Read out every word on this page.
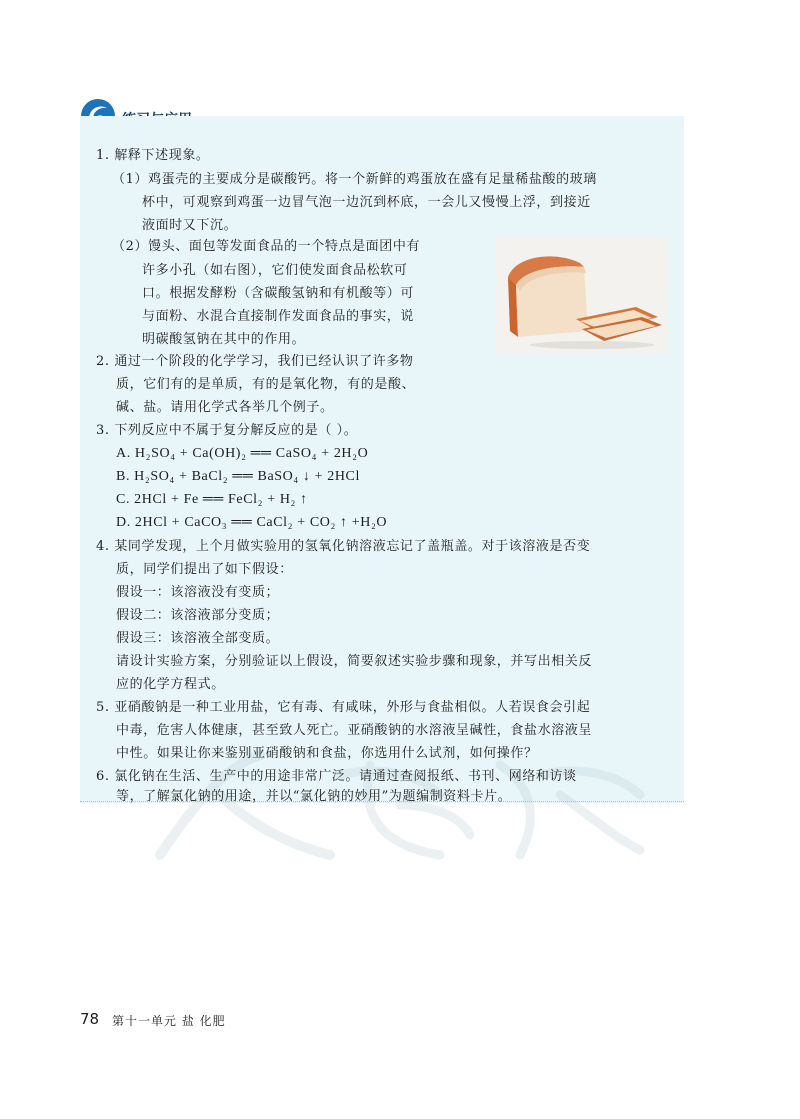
1. 解释下述现象。
（1）鸡蛋壳的主要成分是碳酸钙。将一个新鲜的鸡蛋放在盛有足量稀盐酸的玻璃
杯中，可观察到鸡蛋一边冒气泡一边沉到杯底，一会儿又慢慢上浮，到接近
液面时又下沉。
（2）馒头、面包等发面食品的一个特点是面团中有
许多小孔（如右图），它们使发面食品松软可
口。根据发酵粉（含碳酸氢钠和有机酸等）可
与面粉、水混合直接制作发面食品的事实，说
明碳酸氢钠在其中的作用。
2. 通过一个阶段的化学学习，我们已经认识了许多物
质，它们有的是单质，有的是氧化物，有的是酸、
碱、盐。请用化学式各举几个例子。
3. 下列反应中不属于复分解反应的是（ ）。
A. H₂SO₄ + Ca(OH)₂ ══ CaSO₄ + 2H₂O
B. H₂SO₄ + BaCl₂ ══ BaSO₄ ↓ + 2HCl
C. 2HCl + Fe ══ FeCl₂ + H₂ ↑
D. 2HCl + CaCO₃ ══ CaCl₂ + CO₂ ↑ +H₂O
4. 某同学发现，上个月做实验用的氢氧化钠溶液忘记了盖瓶盖。对于该溶液是否变
质，同学们提出了如下假设：
假设一：该溶液没有变质；
假设二：该溶液部分变质；
假设三：该溶液全部变质。
请设计实验方案，分别验证以上假设，简要叙述实验步骤和现象，并写出相关反
应的化学方程式。
5. 亚硝酸钠是一种工业用盐，它有毒、有咸味，外形与食盐相似。人若误食会引起
中毒，危害人体健康，甚至致人死亡。亚硝酸钠的水溶液呈碱性，食盐水溶液呈
中性。如果让你来鉴别亚硝酸钠和食盐，你选用什么试剂，如何操作？
6. 氯化钠在生活、生产中的用途非常广泛。请通过查阅报纸、书刊、网络和访谈
等，了解氯化钠的用途，并以“氯化钠的妙用”为题编制资料卡片。
78 第十一单元 盐 化肥
